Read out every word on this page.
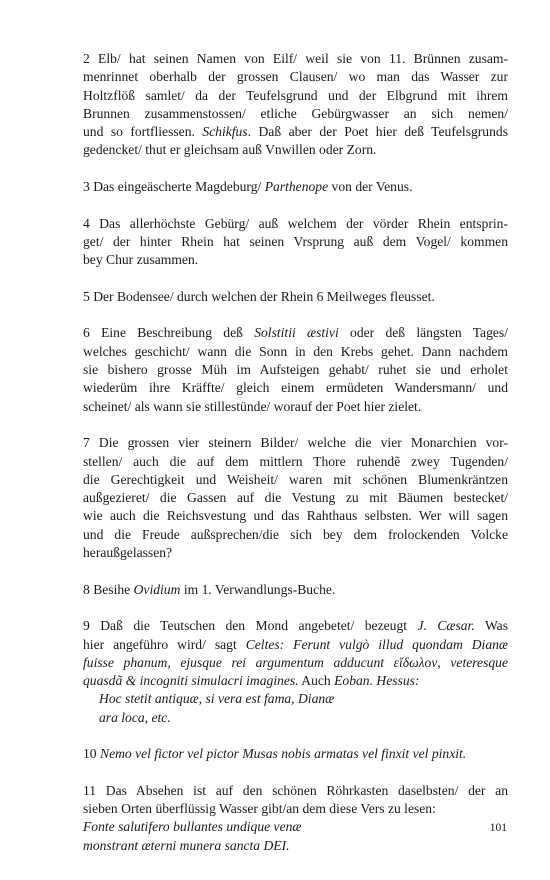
2 Elb/ hat seinen Namen von Eilf/ weil sie von 11. Brünnen zusam-
menrinnet oberhalb der grossen Clausen/ wo man das Wasser zur
Holtzflöß samlet/ da der Teufelsgrund und der Elbgrund mit ihrem
Brunnen zusammenstossen/ etliche Gebürgwasser an sich nemen/
und so fortfliessen. Schikfus. Daß aber der Poet hier deß Teufelsgrunds
gedencket/ thut er gleichsam auß Vnwillen oder Zorn.

3 Das eingeäscherte Magdeburg/ Parthenope von der Venus.

4 Das allerhöchste Gebürg/ auß welchem der vörder Rhein entsprin-
get/ der hinter Rhein hat seinen Vrsprung auß dem Vogel/ kommen
bey Chur zusammen.

5 Der Bodensee/ durch welchen der Rhein 6 Meilweges fleusset.

6 Eine Beschreibung deß Solstitii æstivi oder deß längsten Tages/
welches geschicht/ wann die Sonn in den Krebs gehet. Dann nachdem
sie bishero grosse Müh im Aufsteigen gehabt/ ruhet sie und erholet
wiederüm ihre Kräffte/ gleich einem ermüdeten Wandersmann/ und
scheinet/ als wann sie stillestünde/ worauf der Poet hier zielet.

7 Die grossen vier steinern Bilder/ welche die vier Monarchien vor-
stellen/ auch die auf dem mittlern Thore ruhendẽ zwey Tugenden/
die Gerechtigkeit und Weisheit/ waren mit schönen Blumenkräntzen
außgezieret/ die Gassen auf die Vestung zu mit Bäumen bestecket/
wie auch die Reichsvestung und das Rahthaus selbsten. Wer will sagen
und die Freude außsprechen/die sich bey dem frolockenden Volcke
heraußgelassen?

8 Besihe Ovidium im 1. Verwandlungs-Buche.

9 Daß die Teutschen den Mond angebetet/ bezeugt J. Cæsar. Was
hier angeführo wird/ sagt Celtes: Ferunt vulgò illud quondam Dianæ
fuisse phanum, ejusque rei argumentum adducunt εἴδωλον, veteresque
quasdã & incogniti simulacri imagines. Auch Eoban. Hessus:
Hoc stetit antiquæ, si vera est fama, Dianæ
ara loca, etc.

10 Nemo vel fictor vel pictor Musas nobis armatas vel finxit vel pinxit.

11 Das Absehen ist auf den schönen Röhrkasten daselbsten/ der an
sieben Orten überflüssig Wasser gibt/an dem diese Vers zu lesen:
Fonte salutifero bullantes undique venæ
monstrant æterni munera sancta DEI.

101
